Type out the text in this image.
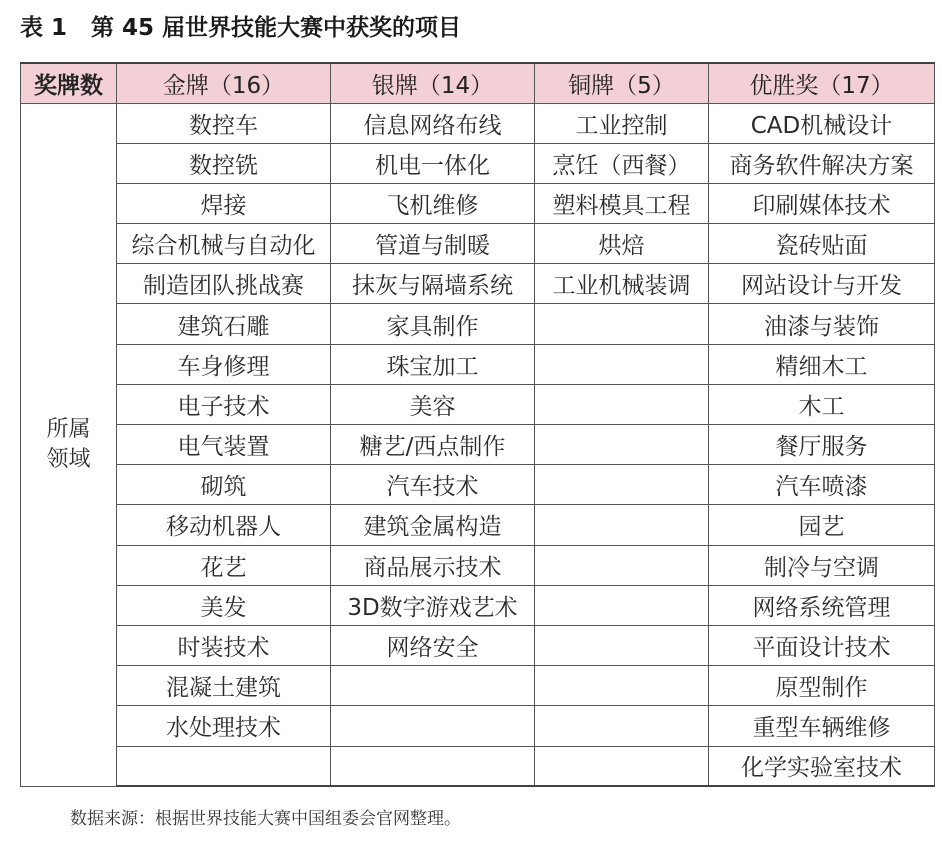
表 1 第 45 届世界技能大赛中获奖的项目
奖牌数	金牌（16）	银牌（14）	铜牌（5）	优胜奖（17）
所属
领域	数控车	信息网络布线	工业控制	CAD机械设计
	数控铣	机电一体化	烹饪（西餐）	商务软件解决方案
	焊接	飞机维修	塑料模具工程	印刷媒体技术
	综合机械与自动化	管道与制暖	烘焙	瓷砖贴面
	制造团队挑战赛	抹灰与隔墙系统	工业机械装调	网站设计与开发
	建筑石雕	家具制作		油漆与装饰
	车身修理	珠宝加工		精细木工
	电子技术	美容		木工
	电气装置	糖艺/西点制作		餐厅服务
	砌筑	汽车技术		汽车喷漆
	移动机器人	建筑金属构造		园艺
	花艺	商品展示技术		制冷与空调
	美发	3D数字游戏艺术		网络系统管理
	时装技术	网络安全		平面设计技术
	混凝土建筑			原型制作
	水处理技术			重型车辆维修
				化学实验室技术
数据来源：根据世界技能大赛中国组委会官网整理。
